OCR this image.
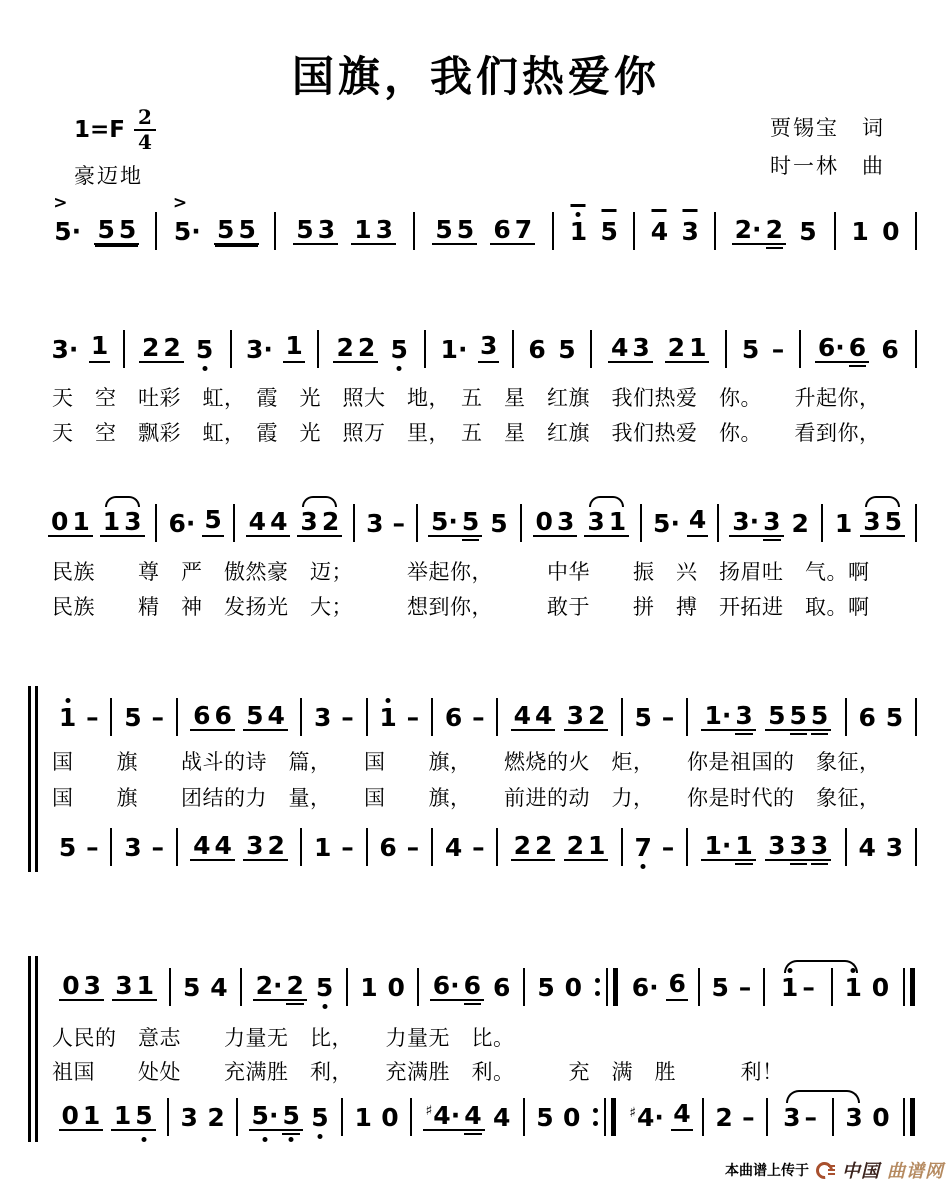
国旗，我们热爱你
$1=F \frac{2}{4}$
豪迈地
贾锡宝　词
时一林　曲
5·
>
5 5 5·
>
5 5 5 3 1 3 5 5 6 7 1 5 4 3 2· 2 5 1 0
3· 1 2 2 5 3· 1 2 2 5 1· 3 6 5 4 3 2 1 5 – 6· 6 6
天　空　吐彩　虹，　霞　光　照大　地，　五　星　红旗　我们热爱　你。　　升起你，
天　空　飘彩　虹，　霞　光　照万　里，　五　星　红旗　我们热爱　你。　　看到你，
0 1 1 3 6· 5 4 4 3 2 3 – 5· 5 5 0 3 3 1 5· 4 3· 3 2 1 3 5
民族　　尊　严　傲然豪　迈；　　　举起你，　　　中华　　振　兴　扬眉吐　气。啊
民族　　精　神　发扬光　大；　　　想到你，　　　敢于　　拼　搏　开拓进　取。啊
1 – 5 – 6 6 5 4 3 – 1 – 6 – 4 4 3 2 5 – 1· 3 5 5 5 6 5
国　　旗　　战斗的诗　篇，　　国　　旗，　　燃烧的火　炬，　　你是祖国的　象征，
国　　旗　　团结的力　量，　　国　　旗，　　前进的动　力，　　你是时代的　象征，
5 – 3 – 4 4 3 2 1 – 6 – 4 – 2 2 2 1 7 – 1· 1 3 3 3 4 3
0 3 3 1 5 4 2· 2 5 1 0 6· 6 6 5 0 6· 6 5 – 1 – 1 0
人民的　意志　　力量无　比，　　力量无　比。
祖国　　处处　　充满胜　利，　　充满胜　利。　　　充　满　胜　　　利！
0 1 1 5 3 2 5· 5 5 1 0 ♯4· 4 4 5 0	♯4· 4 2 – 3 – 3 0
本曲谱上传于 中国 曲谱网
